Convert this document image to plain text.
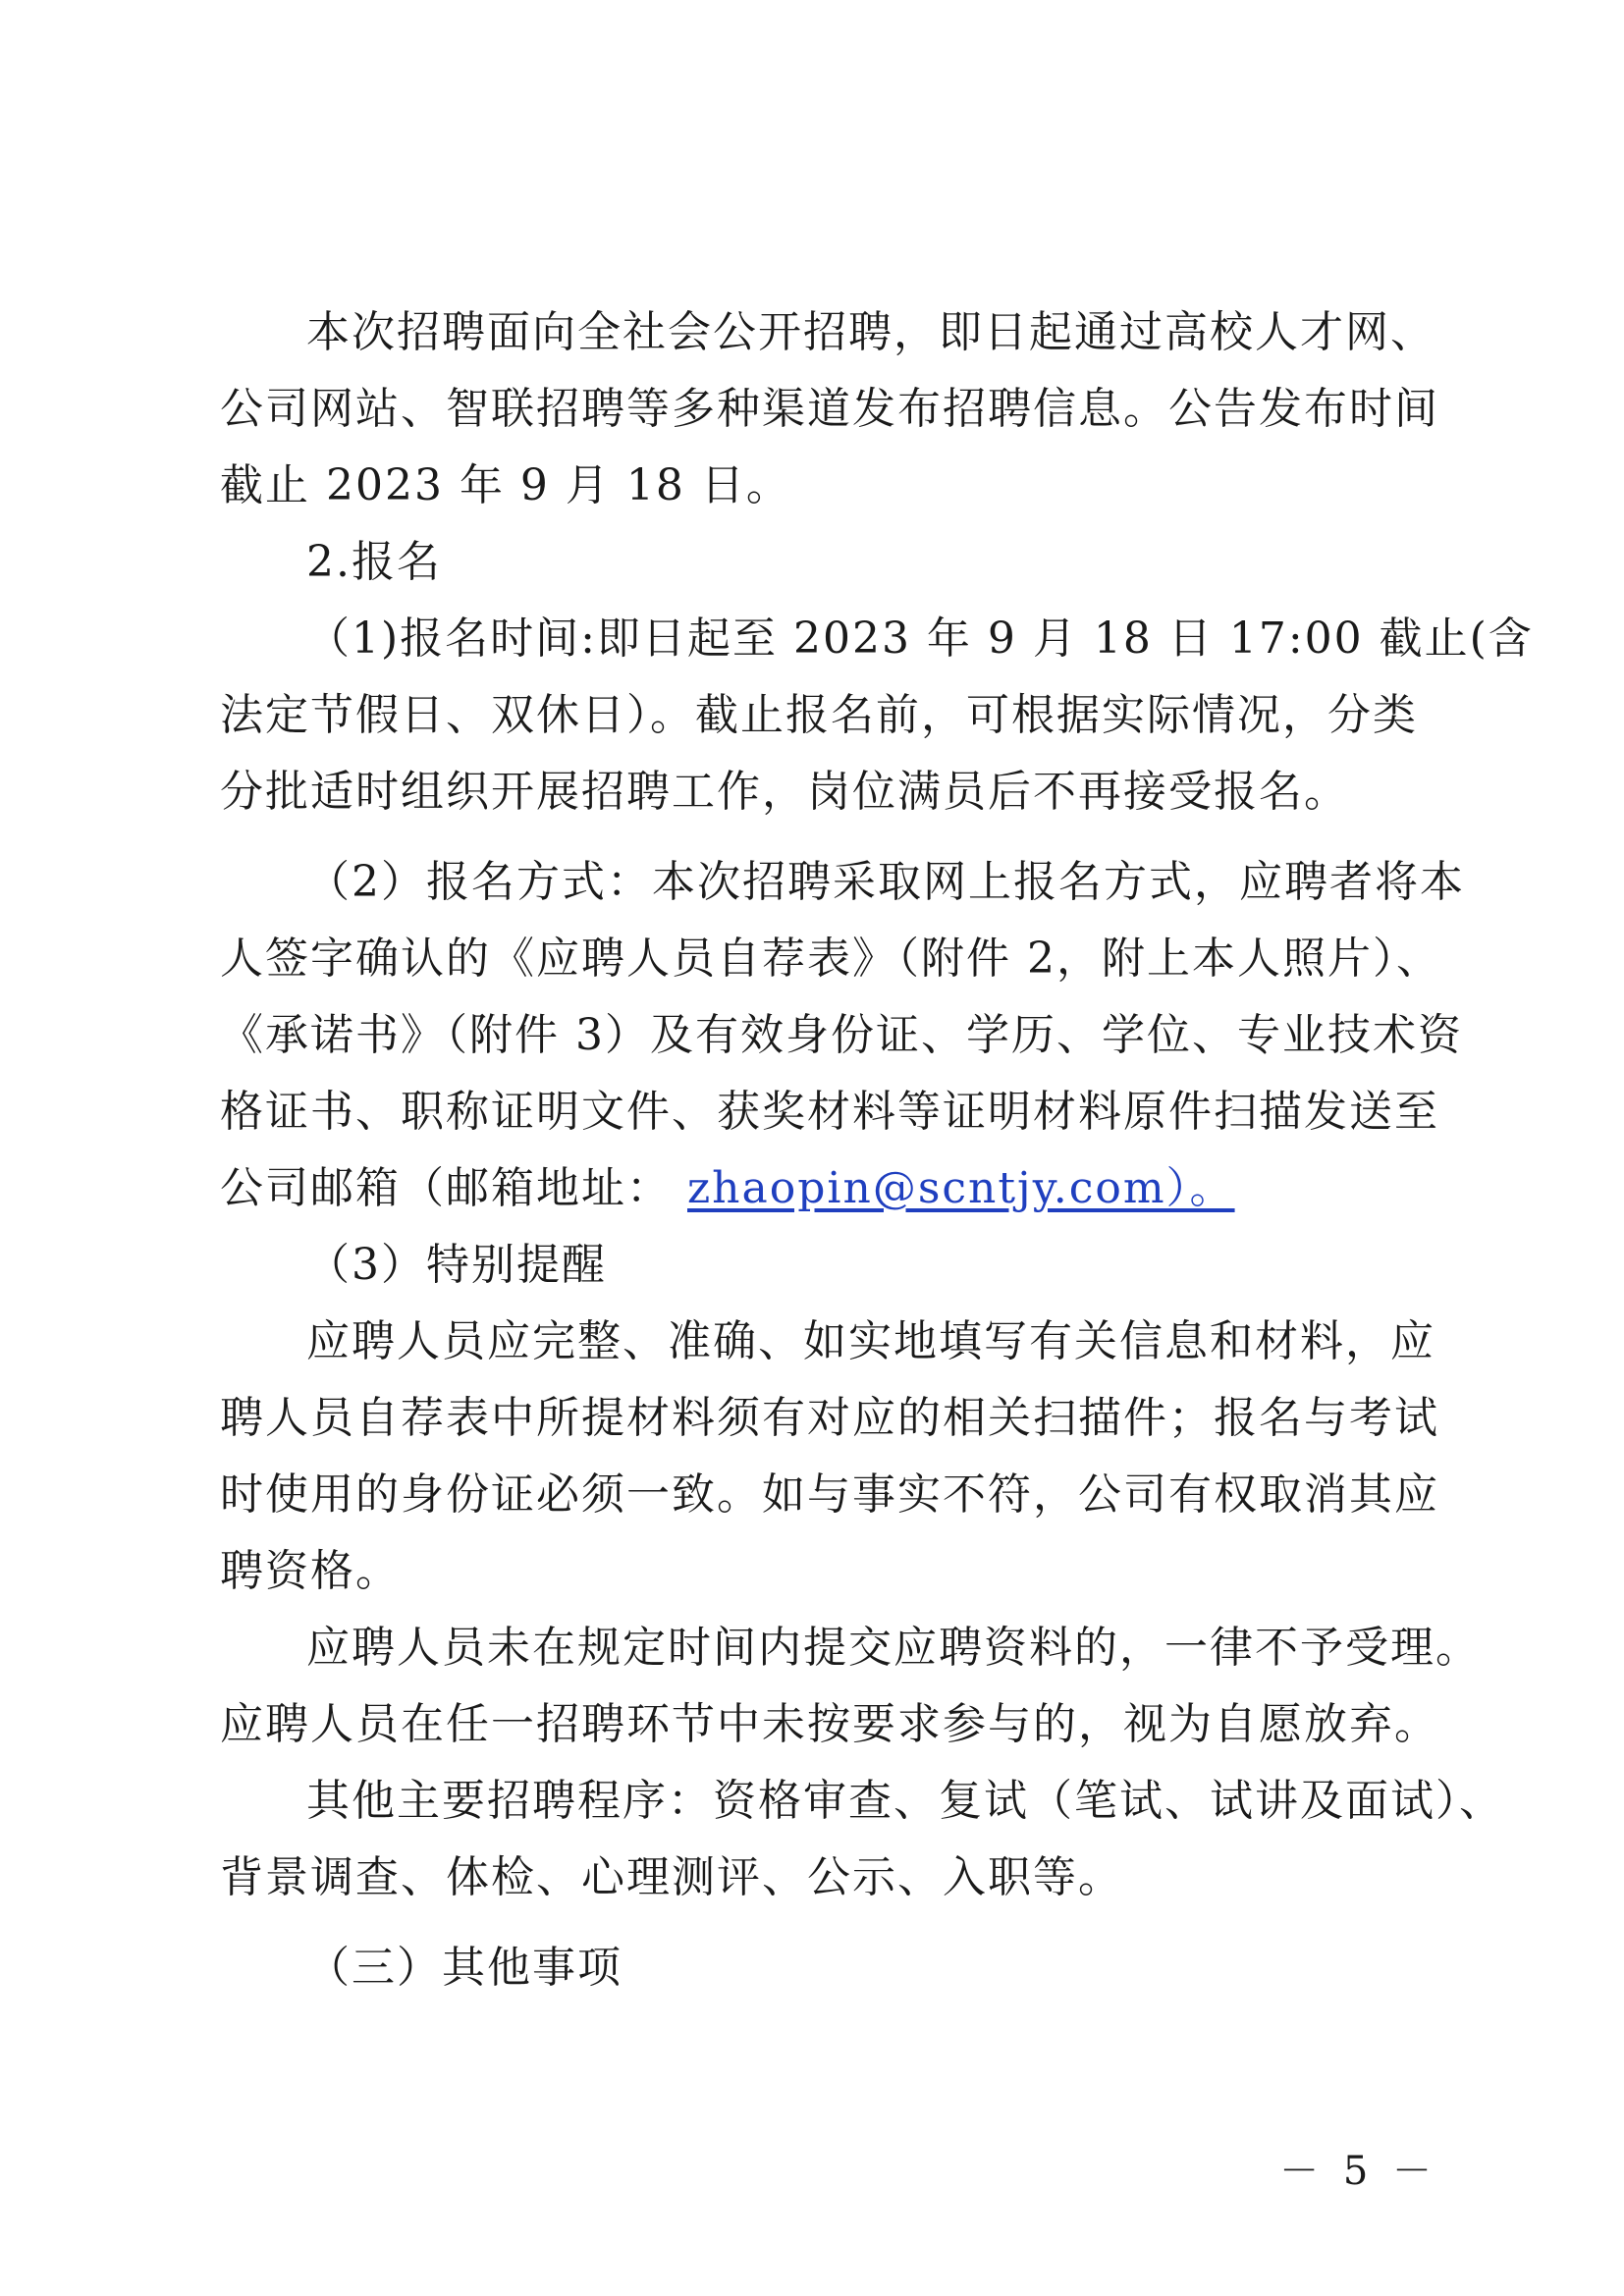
本次招聘面向全社会公开招聘，即日起通过高校人才网、
公司网站、智联招聘等多种渠道发布招聘信息。公告发布时间
截止 2023 年 9 月 18 日。
2.报名
（1)报名时间:即日起至 2023 年 9 月 18 日 17:00 截止(含
法定节假日、双休日）。截止报名前，可根据实际情况，分类
分批适时组织开展招聘工作，岗位满员后不再接受报名。
（2）报名方式：本次招聘采取网上报名方式，应聘者将本
人签字确认的《应聘人员自荐表》（附件 2，附上本人照片）、
《承诺书》（附件 3）及有效身份证、学历、学位、专业技术资
格证书、职称证明文件、获奖材料等证明材料原件扫描发送至
公司邮箱（邮箱地址： zhaopin@scntjy.com）。
（3）特别提醒
应聘人员应完整、准确、如实地填写有关信息和材料，应
聘人员自荐表中所提材料须有对应的相关扫描件；报名与考试
时使用的身份证必须一致。如与事实不符，公司有权取消其应
聘资格。
应聘人员未在规定时间内提交应聘资料的，一律不予受理。
应聘人员在任一招聘环节中未按要求参与的，视为自愿放弃。
其他主要招聘程序：资格审查、复试（笔试、试讲及面试）、
背景调查、体检、心理测评、公示、入职等。
（三）其他事项
－ 5 －
